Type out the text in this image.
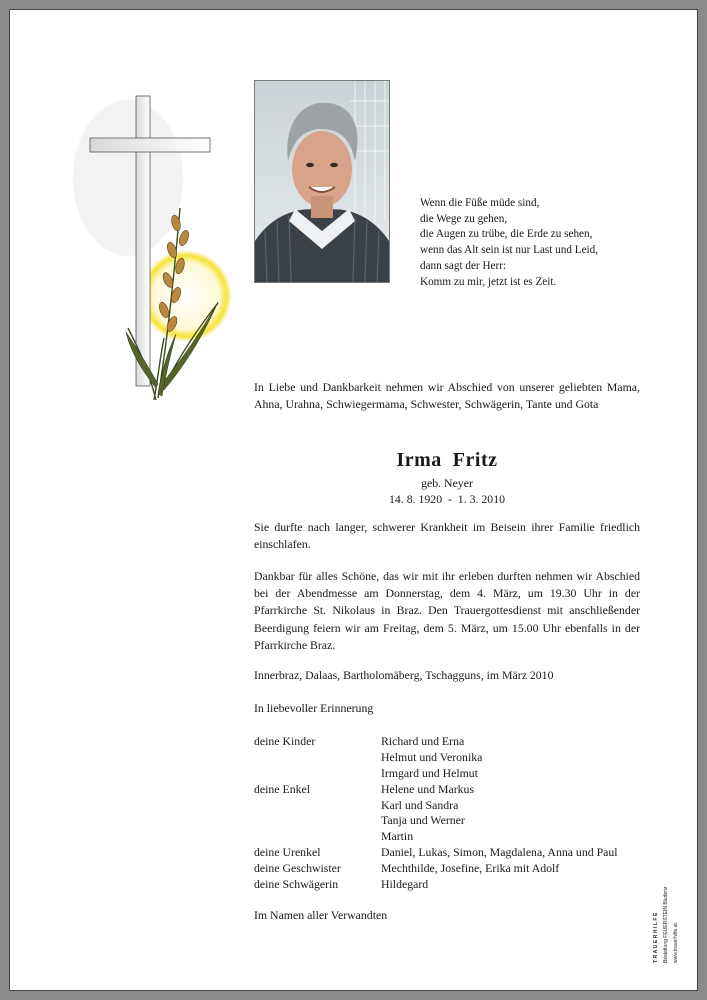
Wenn die Füße müde sind,
die Wege zu gehen,
die Augen zu trübe, die Erde zu sehen,
wenn das Alt sein ist nur Last und Leid,
dann sagt der Herr:
Komm zu mir, jetzt ist es Zeit.
In Liebe und Dankbarkeit nehmen wir Abschied von unserer geliebten Mama, Ahna, Urahna, Schwiegermama, Schwester, Schwägerin, Tante und Gota
Irma  Fritz
geb. Neyer
14. 8. 1920  -  1. 3. 2010
Sie durfte nach langer, schwerer Krankheit im Beisein ihrer Familie friedlich einschlafen.
Dankbar für alles Schöne, das wir mit ihr erleben durften nehmen wir Abschied bei der Abendmesse am Donnerstag, dem 4. März, um 19.30 Uhr in der Pfarrkirche St. Nikolaus in Braz. Den Trauergottesdienst mit anschließender Beerdigung feiern wir am Freitag, dem 5. März, um 15.00 Uhr ebenfalls in der Pfarrkirche Braz.
Innerbraz, Dalaas, Bartholomäberg, Tschagguns, im März 2010
In liebevoller Erinnerung
deine Kinder	Richard und Erna
Helmut und Veronika
Irmgard und Helmut
deine Enkel	Helene und Markus
Karl und Sandra
Tanja und Werner
Martin
deine Urenkel	Daniel, Lukas, Simon, Magdalena, Anna und Paul
deine Geschwister	Mechthilde, Josefine, Erika mit Adolf
deine Schwägerin	Hildegard
Im Namen aller Verwandten	TRAUERHILFE Bestattung FEUERSTEIN Bludenz www.trauerhilfe.at
